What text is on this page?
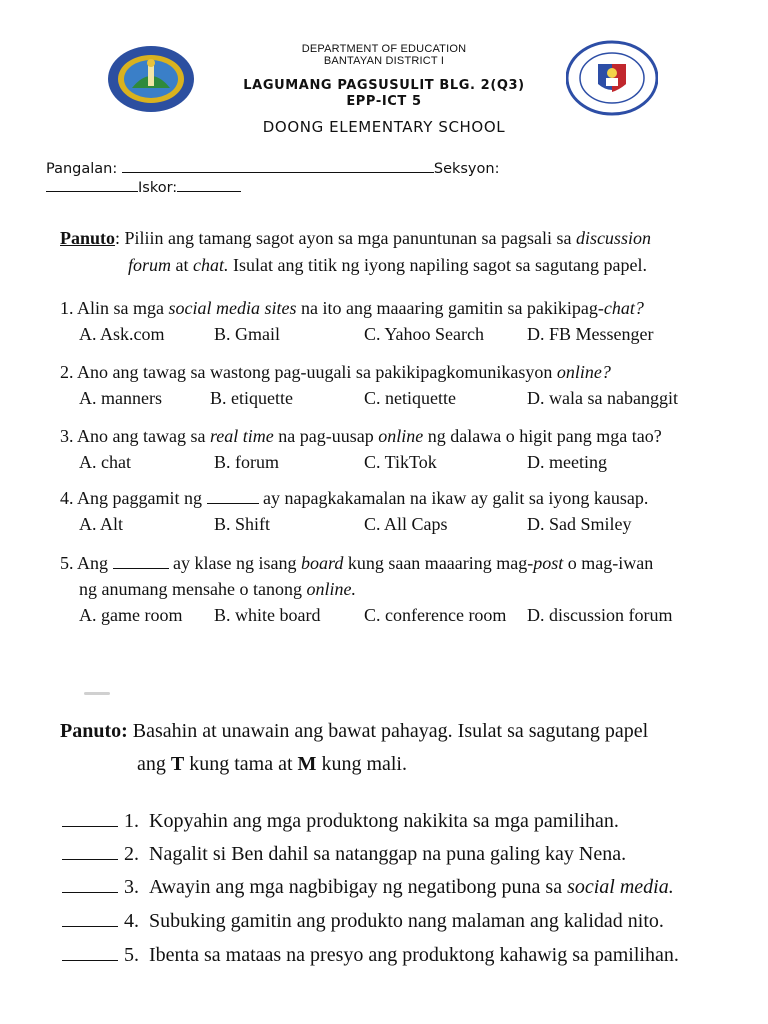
DEPARTMENT OF EDUCATION
BANTAYAN DISTRICT I
LAGUMANG PAGSUSULIT BLG. 2(Q3)
EPP-ICT 5
DOONG ELEMENTARY SCHOOL
Pangalan:	Seksyon:
Iskor:
Panuto: Piliin ang tamang sagot ayon sa mga panuntunan sa pagsali sa discussion
forum at chat. Isulat ang titik ng iyong napiling sagot sa sagutang papel.
1. Alin sa mga social media sites na ito ang maaaring gamitin sa pakikipag-chat?
A. Ask.com	B. Gmail	C. Yahoo Search D. FB Messenger
2. Ano ang tawag sa wastong pag-uugali sa pakikipagkomunikasyon online?
A. manners	B. etiquette	C. netiquette	D. wala sa nabanggit
3. Ano ang tawag sa real time na pag-uusap online ng dalawa o higit pang mga tao?
A. chat	B. forum	C. TikTok	D. meeting
4. Ang paggamit ng	ay napagkakamalan na ikaw ay galit sa iyong kausap.
A. Alt	B. Shift	C. All Caps	D. Sad Smiley
5. Ang	ay klase ng isang board kung saan maaaring mag-post o mag-iwan
ng anumang mensahe o tanong online.
A. game room B. white board C. conference room D. discussion forum
Panuto: Basahin at unawain ang bawat pahayag. Isulat sa sagutang papel
ang T kung tama at M kung mali.
1. Kopyahin ang mga produktong nakikita sa mga pamilihan.
2. Nagalit si Ben dahil sa natanggap na puna galing kay Nena.
3. Awayin ang mga nagbibigay ng negatibong puna sa social media.
4. Subuking gamitin ang produkto nang malaman ang kalidad nito.
5. Ibenta sa mataas na presyo ang produktong kahawig sa pamilihan.
